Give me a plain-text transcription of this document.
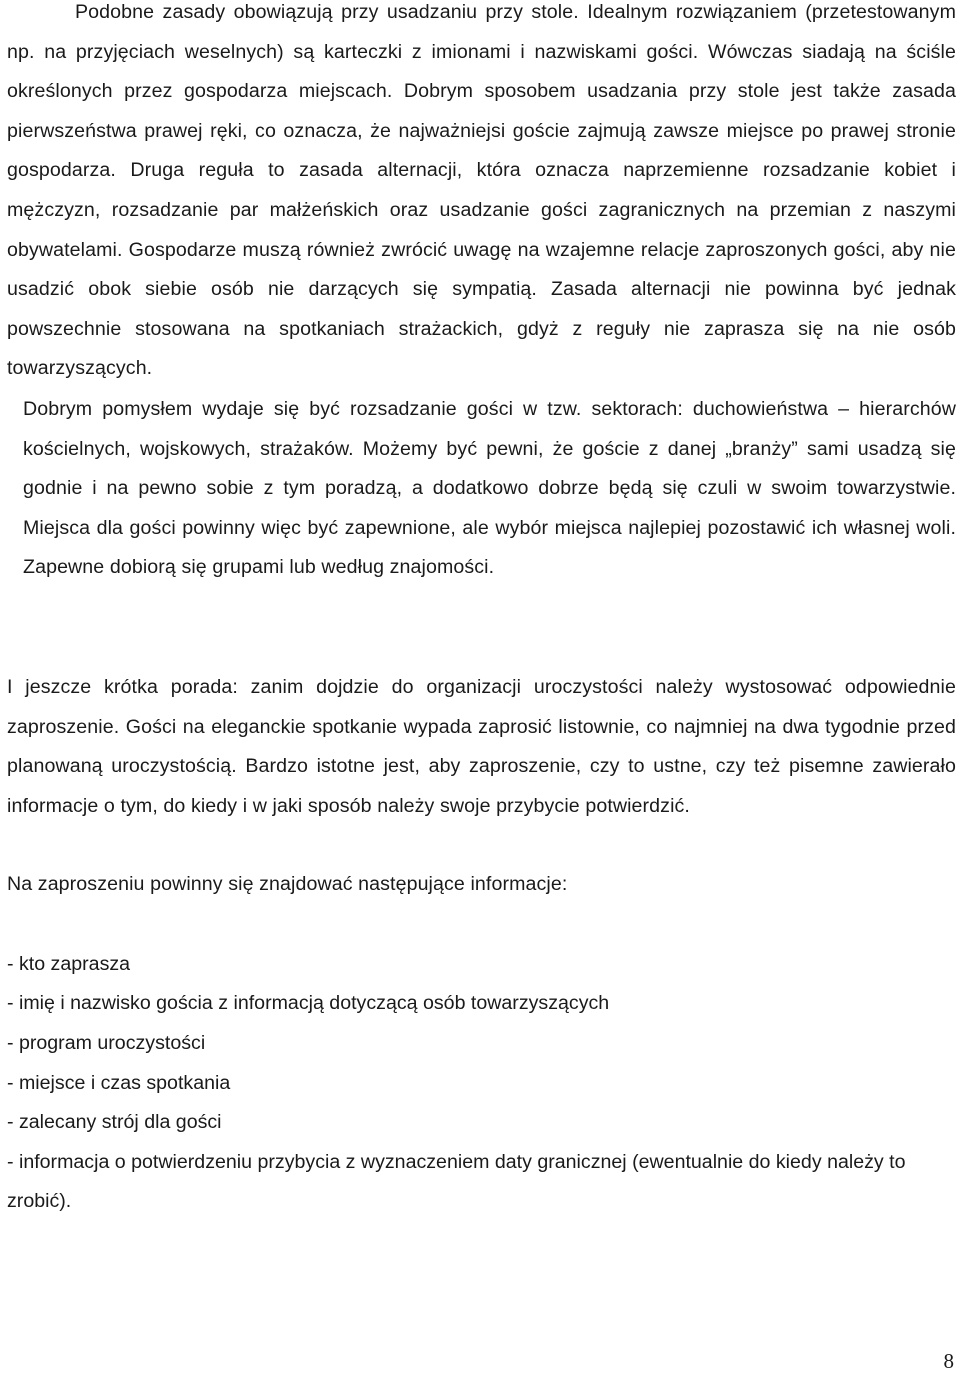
Podobne zasady obowiązują przy usadzaniu przy stole. Idealnym rozwiązaniem (przetestowanym np. na przyjęciach weselnych) są karteczki z imionami i nazwiskami gości. Wówczas siadają na ściśle określonych przez gospodarza miejscach. Dobrym sposobem usadzania przy stole jest także zasada pierwszeństwa prawej ręki, co oznacza, że najważniejsi goście zajmują zawsze miejsce po prawej stronie gospodarza. Druga reguła to zasada alternacji, która oznacza naprzemienne rozsadzanie kobiet i mężczyzn, rozsadzanie par małżeńskich oraz usadzanie gości zagranicznych na przemian z naszymi obywatelami. Gospodarze muszą również zwrócić uwagę na wzajemne relacje zaproszonych gości, aby nie usadzić obok siebie osób nie darzących się sympatią. Zasada alternacji nie powinna być jednak powszechnie stosowana na spotkaniach strażackich, gdyż z reguły nie zaprasza się na nie osób towarzyszących.

Dobrym pomysłem wydaje się być rozsadzanie gości w tzw. sektorach: duchowieństwa – hierarchów kościelnych, wojskowych, strażaków. Możemy być pewni, że goście z danej „branży” sami usadzą się godnie i na pewno sobie z tym poradzą, a dodatkowo dobrze będą się czuli w swoim towarzystwie. Miejsca dla gości powinny więc być zapewnione, ale wybór miejsca najlepiej pozostawić ich własnej woli. Zapewne dobiorą się grupami lub według znajomości.

I jeszcze krótka porada: zanim dojdzie do organizacji uroczystości należy wystosować odpowiednie zaproszenie. Gości na eleganckie spotkanie wypada zaprosić listownie, co najmniej na dwa tygodnie przed planowaną uroczystością. Bardzo istotne jest, aby zaproszenie, czy to ustne, czy też pisemne zawierało informacje o tym, do kiedy i w jaki sposób należy swoje przybycie potwierdzić.

Na zaproszeniu powinny się znajdować następujące informacje:

- kto zaprasza
- imię i nazwisko gościa z informacją dotyczącą osób towarzyszących
- program uroczystości
- miejsce i czas spotkania
- zalecany strój dla gości
- informacja o potwierdzeniu przybycia z wyznaczeniem daty granicznej (ewentualnie do kiedy należy to zrobić).
8
